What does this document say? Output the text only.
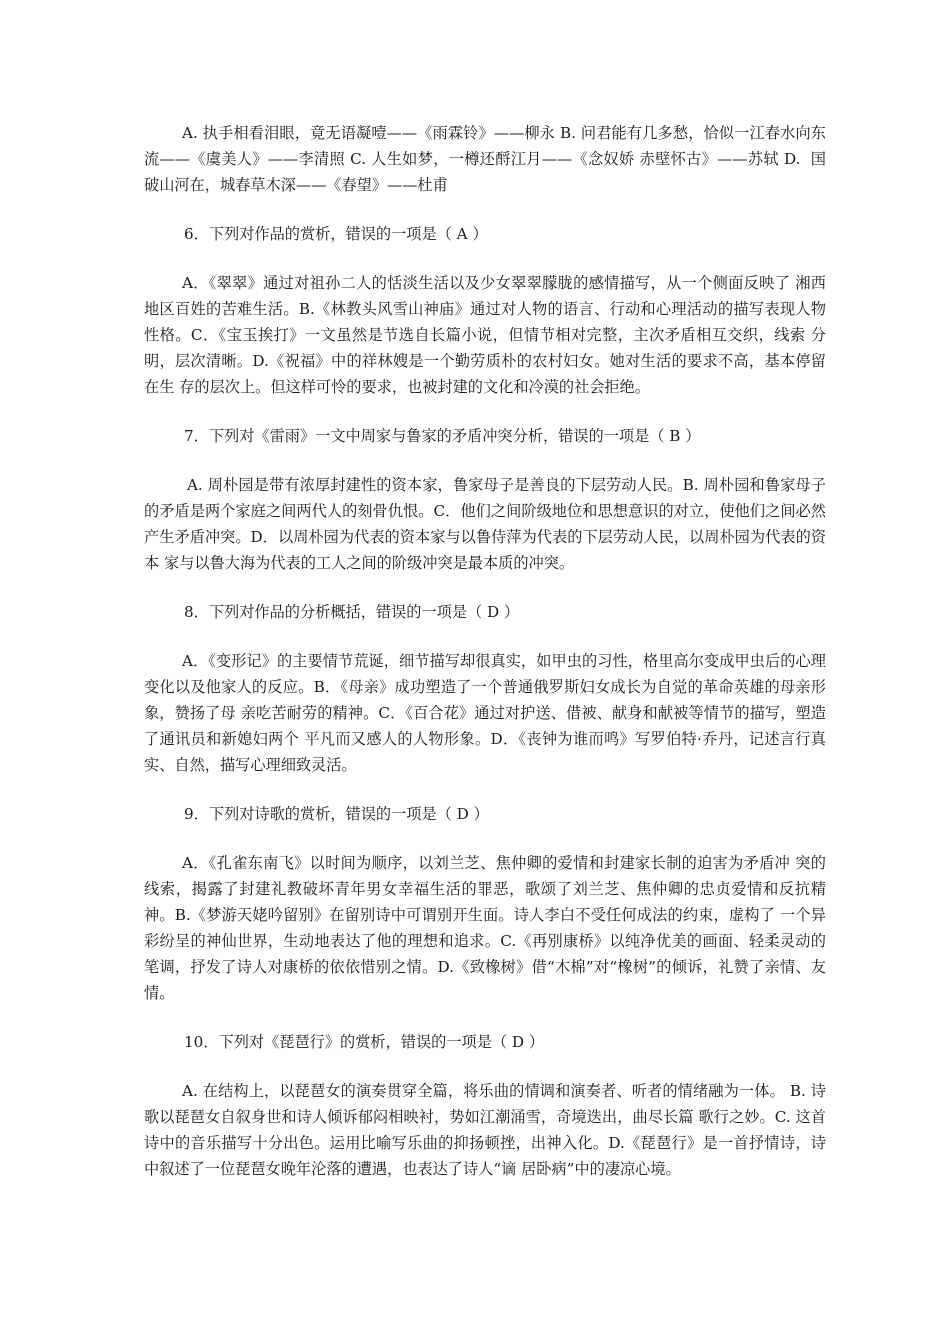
A. 执手相看泪眼，竟无语凝噎——《雨霖铃》——柳永 B. 问君能有几多愁，恰似一江春水向东流——《虞美人》——李清照 C. 人生如梦，一樽还酹江月——《念奴娇 赤壁怀古》——苏轼 D.  国破山河在，城春草木深——《春望》——杜甫

6．下列对作品的赏析，错误的一项是（ A ）

A．《翠翠》通过对祖孙二人的恬淡生活以及少女翠翠朦胧的感情描写，从一个侧面反映了 湘西地区百姓的苦难生活。B.《林教头风雪山神庙》通过对人物的语言、行动和心理活动的描写表现人物性格。C．《宝玉挨打》一文虽然是节选自长篇小说，但情节相对完整，主次矛盾相互交织，线索 分明，层次清晰。D.《祝福》中的祥林嫂是一个勤劳质朴的农村妇女。她对生活的要求不高，基本停留在生 存的层次上。但这样可怜的要求，也被封建的文化和冷漠的社会拒绝。

7．下列对《雷雨》一文中周家与鲁家的矛盾冲突分析，错误的一项是（ B ）

A. 周朴园是带有浓厚封建性的资本家，鲁家母子是善良的下层劳动人民。B. 周朴园和鲁家母子的矛盾是两个家庭之间两代人的刻骨仇恨。C．他们之间阶级地位和思想意识的对立，使他们之间必然产生矛盾冲突。D．以周朴园为代表的资本家与以鲁侍萍为代表的下层劳动人民，以周朴园为代表的资本 家与以鲁大海为代表的工人之间的阶级冲突是最本质的冲突。

8．下列对作品的分析概括，错误的一项是（ D ）

A．《变形记》的主要情节荒诞，细节描写却很真实，如甲虫的习性，格里高尔变成甲虫后的心理变化以及他家人的反应。B．《母亲》成功塑造了一个普通俄罗斯妇女成长为自觉的革命英雄的母亲形象，赞扬了母 亲吃苦耐劳的精神。C．《百合花》通过对护送、借被、献身和献被等情节的描写，塑造了通讯员和新媳妇两个 平凡而又感人的人物形象。D．《丧钟为谁而鸣》写罗伯特·乔丹，记述言行真实、自然，描写心理细致灵活。

9．下列对诗歌的赏析，错误的一项是（ D ）

A．《孔雀东南飞》以时间为顺序，以刘兰芝、焦仲卿的爱情和封建家长制的迫害为矛盾冲 突的线索，揭露了封建礼教破坏青年男女幸福生活的罪恶，歌颂了刘兰芝、焦仲卿的忠贞爱情和反抗精神。B.《梦游天姥吟留别》在留别诗中可谓别开生面。诗人李白不受任何成法的约束，虚构了 一个异彩纷呈的神仙世界，生动地表达了他的理想和追求。C.《再别康桥》以纯净优美的画面、轻柔灵动的笔调，抒发了诗人对康桥的依依惜别之情。D.《致橡树》借“木棉”对“橡树”的倾诉，礼赞了亲情、友情。

10．下列对《琵琶行》的赏析，错误的一项是（ D ）

A. 在结构上，以琵琶女的演奏贯穿全篇，将乐曲的情调和演奏者、听者的情绪融为一体。 B. 诗歌以琵琶女自叙身世和诗人倾诉郁闷相映衬，势如江潮涌雪，奇境迭出，曲尽长篇 歌行之妙。C. 这首诗中的音乐描写十分出色。运用比喻写乐曲的抑扬顿挫，出神入化。D.《琵琶行》是一首抒情诗，诗中叙述了一位琵琶女晚年沦落的遭遇，也表达了诗人“谪 居卧病”中的凄凉心境。
